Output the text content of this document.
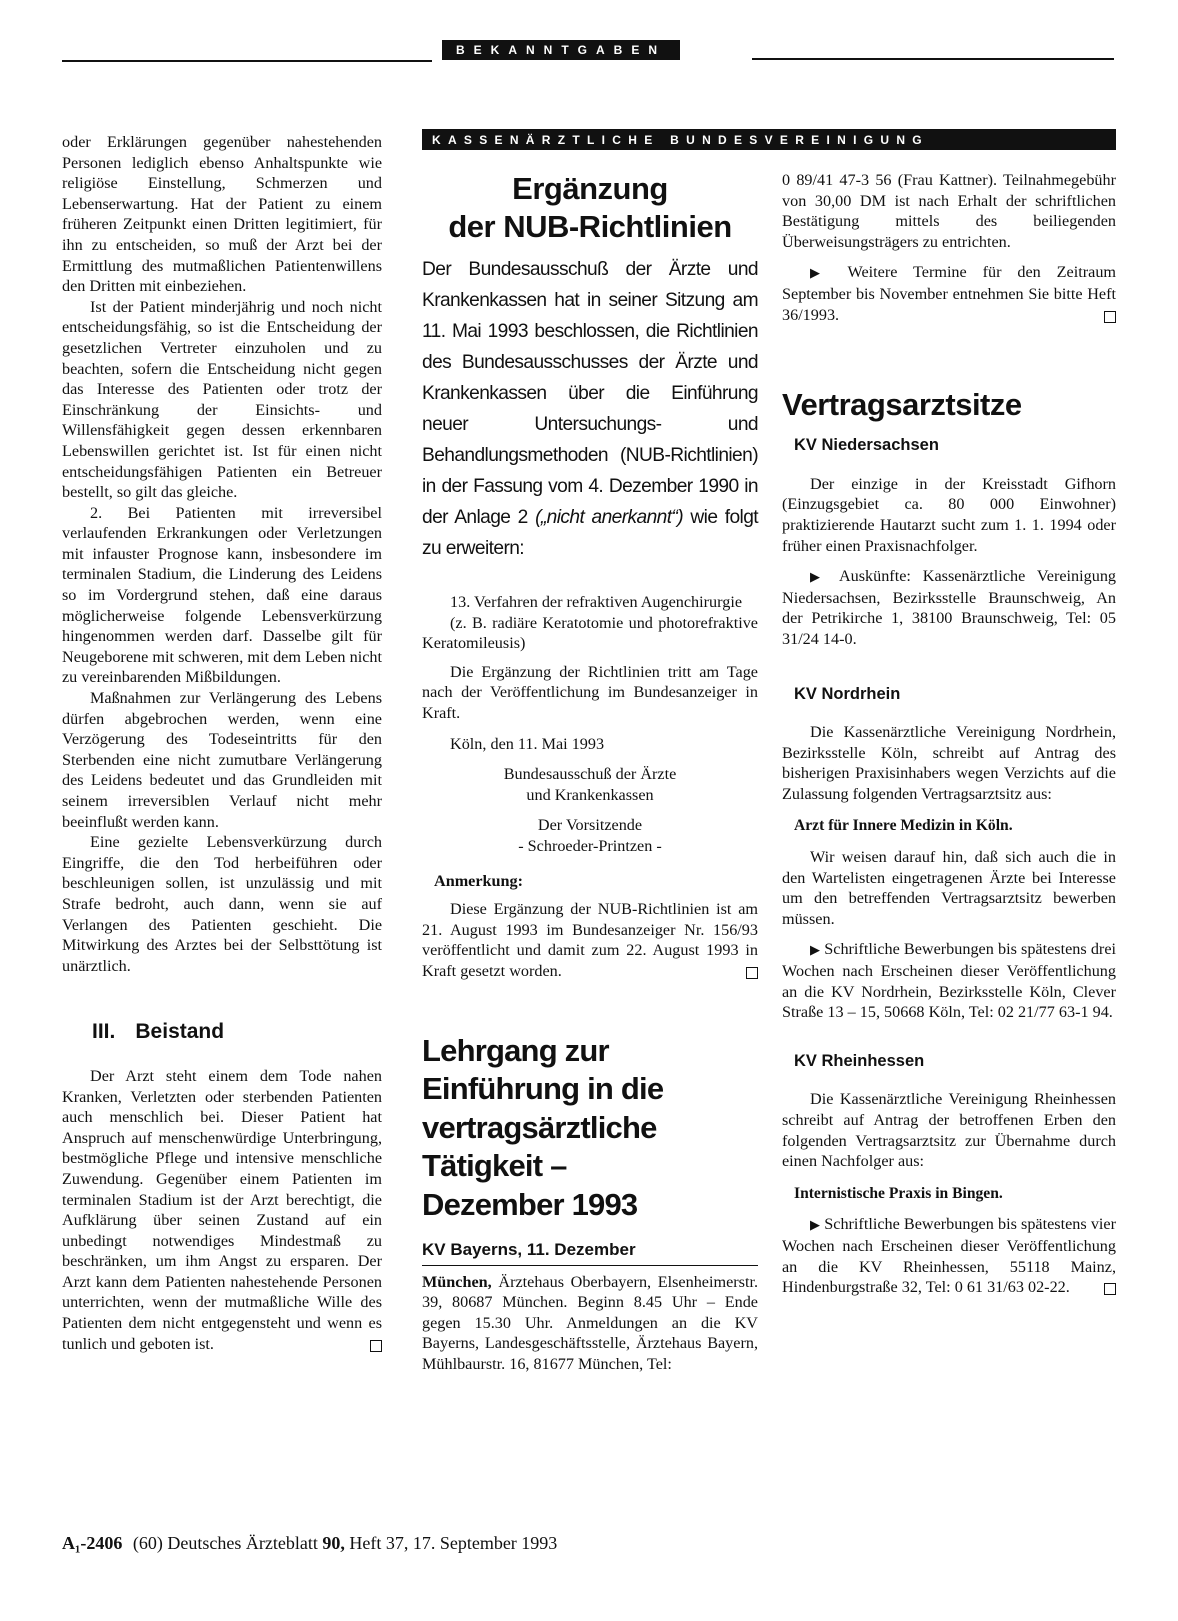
BEKANNTGABEN

oder Erklärungen gegenüber nahestehenden Personen lediglich ebenso Anhaltspunkte wie religiöse Einstellung, Schmerzen und Lebenserwartung. Hat der Patient zu einem früheren Zeitpunkt einen Dritten legitimiert, für ihn zu entscheiden, so muß der Arzt bei der Ermittlung des mutmaßlichen Patientenwillens den Dritten mit einbeziehen.

Ist der Patient minderjährig und noch nicht entscheidungsfähig, so ist die Entscheidung der gesetzlichen Vertreter einzuholen und zu beachten, sofern die Entscheidung nicht gegen das Interesse des Patienten oder trotz der Einschränkung der Einsichts- und Willensfähigkeit gegen dessen erkennbaren Lebenswillen gerichtet ist. Ist für einen nicht entscheidungsfähigen Patienten ein Betreuer bestellt, so gilt das gleiche.

2. Bei Patienten mit irreversibel verlaufenden Erkrankungen oder Verletzungen mit infauster Prognose kann, insbesondere im terminalen Stadium, die Linderung des Leidens so im Vordergrund stehen, daß eine daraus möglicherweise folgende Lebensverkürzung hingenommen werden darf. Dasselbe gilt für Neugeborene mit schweren, mit dem Leben nicht zu vereinbarenden Mißbildungen.

Maßnahmen zur Verlängerung des Lebens dürfen abgebrochen werden, wenn eine Verzögerung des Todeseintritts für den Sterbenden eine nicht zumutbare Verlängerung des Leidens bedeutet und das Grundleiden mit seinem irreversiblen Verlauf nicht mehr beeinflußt werden kann.

Eine gezielte Lebensverkürzung durch Eingriffe, die den Tod herbeiführen oder beschleunigen sollen, ist unzulässig und mit Strafe bedroht, auch dann, wenn sie auf Verlangen des Patienten geschieht. Die Mitwirkung des Arztes bei der Selbsttötung ist unärztlich.

III. Beistand

Der Arzt steht einem dem Tode nahen Kranken, Verletzten oder sterbenden Patienten auch menschlich bei. Dieser Patient hat Anspruch auf menschenwürdige Unterbringung, bestmögliche Pflege und intensive menschliche Zuwendung. Gegenüber einem Patienten im terminalen Stadium ist der Arzt berechtigt, die Aufklärung über seinen Zustand auf ein unbedingt notwendiges Mindestmaß zu beschränken, um ihm Angst zu ersparen. Der Arzt kann dem Patienten nahestehende Personen unterrichten, wenn der mutmaßliche Wille des Patienten dem nicht entgegensteht und wenn es tunlich und geboten ist.

KASSENÄRZTLICHE BUNDESVEREINIGUNG
Ergänzung
der NUB-Richtlinien
Der Bundesausschuß der Ärzte und Krankenkassen hat in seiner Sitzung am 11. Mai 1993 beschlossen, die Richtlinien des Bundesausschusses der Ärzte und Krankenkassen über die Einführung neuer Untersuchungs- und Behandlungsmethoden (NUB-Richtlinien) in der Fassung vom 4. Dezember 1990 in der Anlage 2 („nicht anerkannt“) wie folgt zu erweitern:

13. Verfahren der refraktiven Augenchirurgie

(z. B. radiäre Keratotomie und photorefraktive Keratomileusis)

Die Ergänzung der Richtlinien tritt am Tage nach der Veröffentlichung im Bundesanzeiger in Kraft.

Köln, den 11. Mai 1993

Bundesausschuß der Ärzte
und Krankenkassen
Der Vorsitzende
- Schroeder-Printzen -

Anmerkung:

Diese Ergänzung der NUB-Richtlinien ist am 21. August 1993 im Bundesanzeiger Nr. 156/93 veröffentlicht und damit zum 22. August 1993 in Kraft gesetzt worden.

Lehrgang zur
Einführung in die
vertragsärztliche
Tätigkeit –
Dezember 1993
KV Bayerns, 11. Dezember

München, Ärztehaus Oberbayern, Elsenheimerstr. 39, 80687 München. Beginn 8.45 Uhr – Ende gegen 15.30 Uhr. Anmeldungen an die KV Bayerns, Landesgeschäftsstelle, Ärztehaus Bayern, Mühlbaurstr. 16, 81677 München, Tel:

0 89/41 47-3 56 (Frau Kattner). Teilnahmegebühr von 30,00 DM ist nach Erhalt der schriftlichen Bestätigung mittels des beiliegenden Überweisungsträgers zu entrichten.

▶ Weitere Termine für den Zeitraum September bis November entnehmen Sie bitte Heft 36/1993.

Vertragsarztsitze
KV Niedersachsen

Der einzige in der Kreisstadt Gifhorn (Einzugsgebiet ca. 80 000 Einwohner) praktizierende Hautarzt sucht zum 1. 1. 1994 oder früher einen Praxisnachfolger.

▶ Auskünfte: Kassenärztliche Vereinigung Niedersachsen, Bezirksstelle Braunschweig, An der Petrikirche 1, 38100 Braunschweig, Tel: 05 31/24 14-0.

KV Nordrhein

Die Kassenärztliche Vereinigung Nordrhein, Bezirksstelle Köln, schreibt auf Antrag des bisherigen Praxisinhabers wegen Verzichts auf die Zulassung folgenden Vertragsarztsitz aus:

Arzt für Innere Medizin in Köln.

Wir weisen darauf hin, daß sich auch die in den Wartelisten eingetragenen Ärzte bei Interesse um den betreffenden Vertragsarztsitz bewerben müssen.

▶ Schriftliche Bewerbungen bis spätestens drei Wochen nach Erscheinen dieser Veröffentlichung an die KV Nordrhein, Bezirksstelle Köln, Clever Straße 13 – 15, 50668 Köln, Tel: 02 21/77 63-1 94.

KV Rheinhessen

Die Kassenärztliche Vereinigung Rheinhessen schreibt auf Antrag der betroffenen Erben den folgenden Vertragsarztsitz zur Übernahme durch einen Nachfolger aus:

Internistische Praxis in Bingen.

▶ Schriftliche Bewerbungen bis spätestens vier Wochen nach Erscheinen dieser Veröffentlichung an die KV Rheinhessen, 55118 Mainz, Hindenburgstraße 32, Tel: 0 61 31/63 02-22.

A₁-2406 (60) Deutsches Ärzteblatt 90, Heft 37, 17. September 1993
